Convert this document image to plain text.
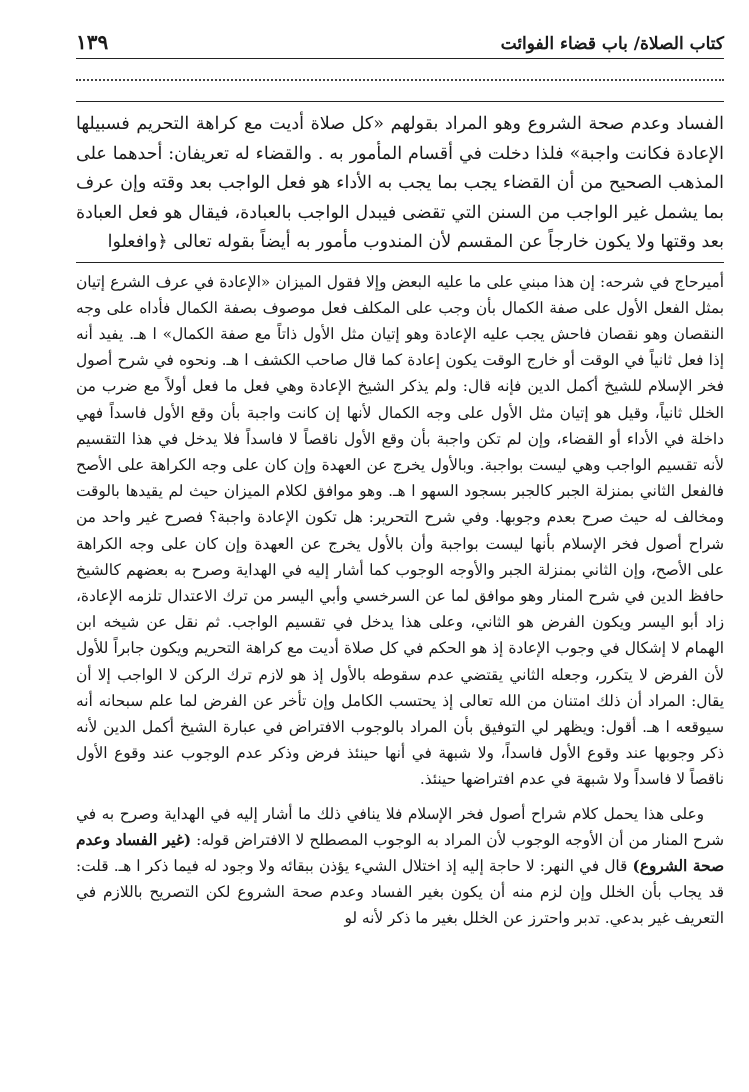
كتاب الصلاة/ باب قضاء الفوائت
١٣٩

الفساد وعدم صحة الشروع وهو المراد بقولهم «كل صلاة أديت مع كراهة التحريم فسبيلها الإعادة فكانت واجبة» فلذا دخلت في أقسام المأمور به . والقضاء له تعريفان: أحدهما على المذهب الصحيح من أن القضاء يجب بما يجب به الأداء هو فعل الواجب بعد وقته وإن عرف بما يشمل غير الواجب من السنن التي تقضى فيبدل الواجب بالعبادة، فيقال هو فعل العبادة بعد وقتها ولا يكون خارجاً عن المقسم لأن المندوب مأمور به أيضاً بقوله تعالى ﴿وافعلوا

أميرحاج في شرحه: إن هذا مبني على ما عليه البعض وإلا فقول الميزان «الإعادة في عرف الشرع إتيان بمثل الفعل الأول على صفة الكمال بأن وجب على المكلف فعل موصوف بصفة الكمال فأداه على وجه النقصان وهو نقصان فاحش يجب عليه الإعادة وهو إتيان مثل الأول ذاتاً مع صفة الكمال» ا هـ. يفيد أنه إذا فعل ثانياً في الوقت أو خارج الوقت يكون إعادة كما قال صاحب الكشف ا هـ. ونحوه في شرح أصول فخر الإسلام للشيخ أكمل الدين فإنه قال: ولم يذكر الشيخ الإعادة وهي فعل ما فعل أولاً مع ضرب من الخلل ثانياً، وقيل هو إتيان مثل الأول على وجه الكمال لأنها إن كانت واجبة بأن وقع الأول فاسداً فهي داخلة في الأداء أو القضاء، وإن لم تكن واجبة بأن وقع الأول ناقصاً لا فاسداً فلا يدخل في هذا التقسيم لأنه تقسيم الواجب وهي ليست بواجبة. وبالأول يخرج عن العهدة وإن كان على وجه الكراهة على الأصح فالفعل الثاني بمنزلة الجبر كالجبر بسجود السهو ا هـ. وهو موافق لكلام الميزان حيث لم يقيدها بالوقت ومخالف له حيث صرح بعدم وجوبها. وفي شرح التحرير: هل تكون الإعادة واجبة؟ فصرح غير واحد من شراح أصول فخر الإسلام بأنها ليست بواجبة وأن بالأول يخرج عن العهدة وإن كان على وجه الكراهة على الأصح، وإن الثاني بمنزلة الجبر والأوجه الوجوب كما أشار إليه في الهداية وصرح به بعضهم كالشيخ حافظ الدين في شرح المنار وهو موافق لما عن السرخسي وأبي اليسر من ترك الاعتدال تلزمه الإعادة، زاد أبو اليسر ويكون الفرض هو الثاني، وعلى هذا يدخل في تقسيم الواجب. ثم نقل عن شيخه ابن الهمام لا إشكال في وجوب الإعادة إذ هو الحكم في كل صلاة أديت مع كراهة التحريم ويكون جابراً للأول لأن الفرض لا يتكرر، وجعله الثاني يقتضي عدم سقوطه بالأول إذ هو لازم ترك الركن لا الواجب إلا أن يقال: المراد أن ذلك امتنان من الله تعالى إذ يحتسب الكامل وإن تأخر عن الفرض لما علم سبحانه أنه سيوقعه ا هـ. أقول: ويظهر لي التوفيق بأن المراد بالوجوب الافتراض في عبارة الشيخ أكمل الدين لأنه ذكر وجوبها عند وقوع الأول فاسداً، ولا شبهة في أنها حينئذ فرض وذكر عدم الوجوب عند وقوع الأول ناقصاً لا فاسداً ولا شبهة في عدم افتراضها حينئذ.

وعلى هذا يحمل كلام شراح أصول فخر الإسلام فلا ينافي ذلك ما أشار إليه في الهداية وصرح به في شرح المنار من أن الأوجه الوجوب لأن المراد به الوجوب المصطلح لا الافتراض قوله: (غير الفساد وعدم صحة الشروع) قال في النهر: لا حاجة إليه إذ اختلال الشيء يؤذن ببقائه ولا وجود له فيما ذكر ا هـ. قلت: قد يجاب بأن الخلل وإن لزم منه أن يكون بغير الفساد وعدم صحة الشروع لكن التصريح باللازم في التعريف غير بدعي. تدبر واحترز عن الخلل بغير ما ذكر لأنه لو
